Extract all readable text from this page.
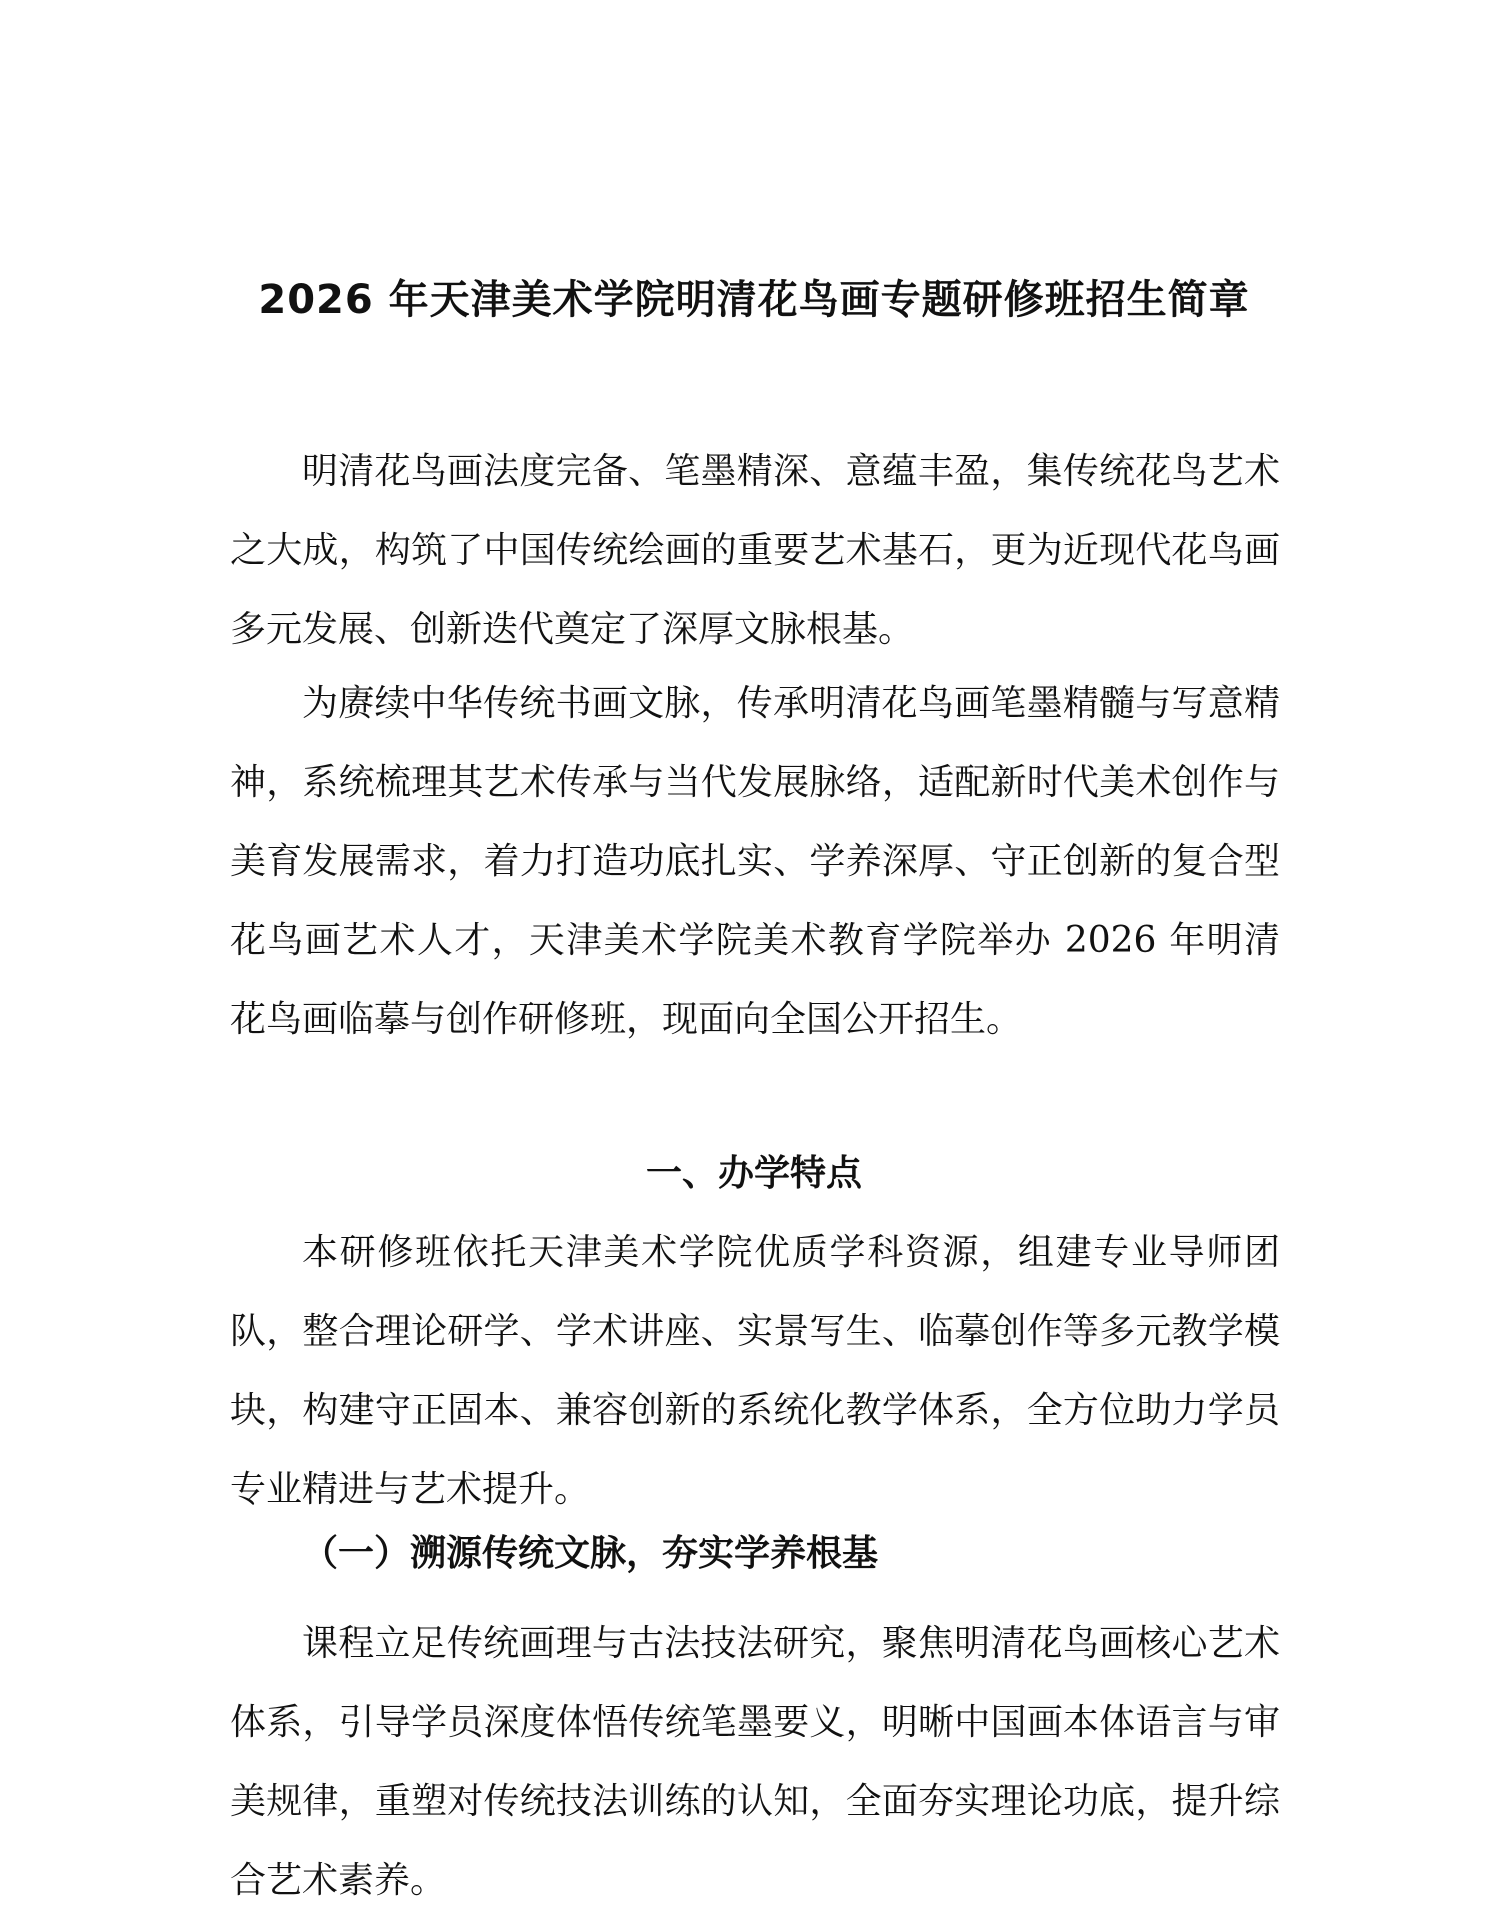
2026 年天津美术学院明清花鸟画专题研修班招生简章

明清花鸟画法度完备、笔墨精深、意蕴丰盈，集传统花鸟艺术之大成，构筑了中国传统绘画的重要艺术基石，更为近现代花鸟画多元发展、创新迭代奠定了深厚文脉根基。

为赓续中华传统书画文脉，传承明清花鸟画笔墨精髓与写意精神，系统梳理其艺术传承与当代发展脉络，适配新时代美术创作与美育发展需求，着力打造功底扎实、学养深厚、守正创新的复合型花鸟画艺术人才，天津美术学院美术教育学院举办 2026 年明清花鸟画临摹与创作研修班，现面向全国公开招生。

一、办学特点

本研修班依托天津美术学院优质学科资源，组建专业导师团队，整合理论研学、学术讲座、实景写生、临摹创作等多元教学模块，构建守正固本、兼容创新的系统化教学体系，全方位助力学员专业精进与艺术提升。

（一）溯源传统文脉，夯实学养根基

课程立足传统画理与古法技法研究，聚焦明清花鸟画核心艺术体系，引导学员深度体悟传统笔墨要义，明晰中国画本体语言与审美规律，重塑对传统技法训练的认知，全面夯实理论功底，提升综合艺术素养。
